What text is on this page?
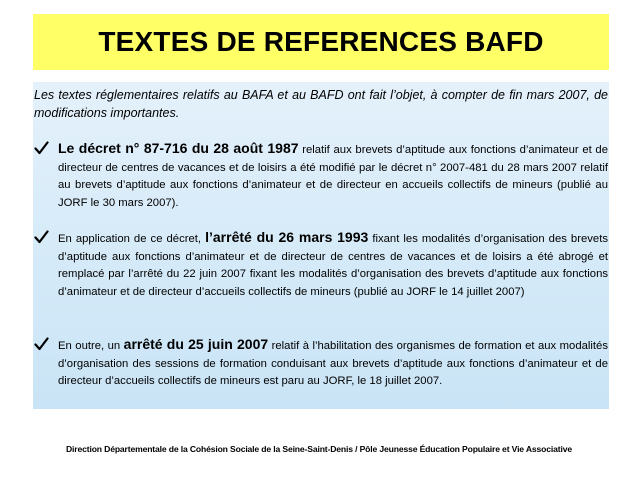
TEXTES DE REFERENCES BAFD

Les textes réglementaires relatifs au BAFA et au BAFD ont fait l’objet, à compter de fin mars 2007, de modifications importantes.

Le décret n° 87-716 du 28 août 1987 relatif aux brevets d’aptitude aux fonctions d’animateur et de directeur de centres de vacances et de loisirs a été modifié par le décret n° 2007-481 du 28 mars 2007 relatif au brevets d’aptitude aux fonctions d’animateur et de directeur en accueils collectifs de mineurs (publié au JORF le 30 mars 2007).

En application de ce décret, l’arrêté du 26 mars 1993 fixant les modalités d’organisation des brevets d’aptitude aux fonctions d’animateur et de directeur de centres de vacances et de loisirs a été abrogé et remplacé par l’arrêté du 22 juin 2007 fixant les modalités d’organisation des brevets d’aptitude aux fonctions d’animateur et de directeur d’accueils collectifs de mineurs (publié au JORF le 14 juillet 2007)

En outre, un arrêté du 25 juin 2007 relatif à l’habilitation des organismes de formation et aux modalités d’organisation des sessions de formation conduisant aux brevets d’aptitude aux fonctions d’animateur et de directeur d’accueils collectifs de mineurs est paru au JORF, le 18 juillet 2007.

Direction Départementale de la Cohésion Sociale de la Seine-Saint-Denis / Pôle Jeunesse Éducation Populaire et Vie Associative
